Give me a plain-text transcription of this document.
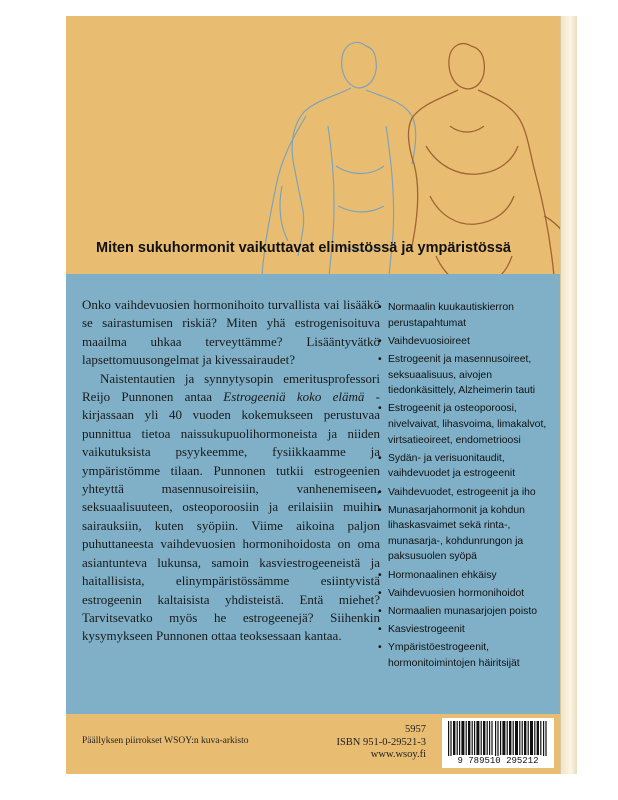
Miten sukuhormonit vaikuttavat elimistössä ja ympäristössä

Onko vaihdevuosien hormonihoito turvallista vai lisääkö se sairastumisen riskiä? Miten yhä estrogenisoituva maailma uhkaa terveyttämme? Lisääntyvätkö lapsettomuusongelmat ja kivessairaudet?

Naistentautien ja synnytysopin emeritusprofessori Reijo Punnonen antaa Estrogeeniä koko elämä -kirjassaan yli 40 vuoden kokemukseen perustuvaa punnittua tietoa naissukupuolihormoneista ja niiden vaikutuksista psyykeemme, fysiikkaamme ja ympäristömme tilaan. Punnonen tutkii estrogeenien yhteyttä masennusoireisiin, vanhenemiseen, seksuaalisuuteen, osteoporoosiin ja erilaisiin muihin sairauksiin, kuten syöpiin. Viime aikoina paljon puhuttaneesta vaihdevuosien hormonihoidosta on oma asiantunteva lukunsa, samoin kasviestrogeeneistä ja haitallisista, elinympäristössämme esiintyvistä estrogeenin kaltaisista yhdisteistä. Entä miehet? Tarvitsevatko myös he estrogeenejä? Siihenkin kysymykseen Punnonen ottaa teoksessaan kantaa.

• Normaalin kuukautiskierron perustapahtumat
• Vaihdevuosioireet
• Estrogeenit ja masennusoireet, seksuaalisuus, aivojen tiedonkäsittely, Alzheimerin tauti
• Estrogeenit ja osteoporoosi, nivelvaivat, lihasvoima, limakalvot, virtsatieoireet, endometrioosi
• Sydän- ja verisuonitaudit, vaihdevuodet ja estrogeenit
• Vaihdevuodet, estrogeenit ja iho
• Munasarjahormonit ja kohdun lihaskasvaimet sekä rinta-, munasarja-, kohdunrungon ja paksusuolen syöpä
• Hormonaalinen ehkäisy
• Vaihdevuosien hormonihoidot
• Normaalien munasarjojen poisto
• Kasviestrogeenit
• Ympäristöestrogeenit, hormonitoimintojen häiritsijät
Päällyksen piirrokset WSOY:n kuva-arkisto
5957
ISBN 951-0-29521-3
www.wsoy.fi
9 789510 295212
